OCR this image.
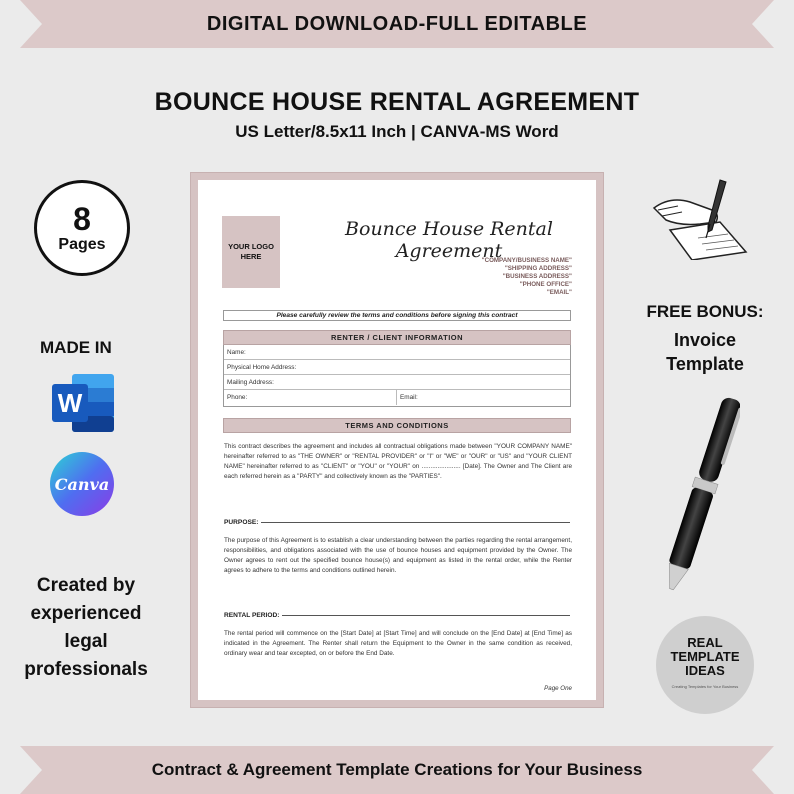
DIGITAL DOWNLOAD-FULL EDITABLE
BOUNCE HOUSE RENTAL AGREEMENT
US Letter/8.5x11 Inch | CANVA-MS Word
8
Pages
MADE IN
W
Canva
Created by experienced legal professionals
FREE BONUS:
Invoice
Template
REAL
TEMPLATE
IDEAS
Creating Templates for Your Business
YOUR LOGO HERE
Bounce House Rental Agreement
"COMPANY/BUSINESS NAME"
"SHIPPING ADDRESS"
"BUSINESS ADDRESS"
"PHONE OFFICE"
"EMAIL"
Please carefully review the terms and conditions before signing this contract
RENTER / CLIENT INFORMATION
Name:
Physical Home Address:
Mailing Address:
Phone:	Email:
TERMS AND CONDITIONS
This contract describes the agreement and includes all contractual obligations made between "YOUR COMPANY NAME" hereinafter referred to as "THE OWNER" or "RENTAL PROVIDER" or "I" or "WE" or "OUR" or "US" and "YOUR CLIENT NAME" hereinafter referred to as "CLIENT" or "YOU" or "YOUR" on ...................... [Date]. The Owner and The Client are each referred herein as a "PARTY" and collectively known as the "PARTIES".
PURPOSE:
The purpose of this Agreement is to establish a clear understanding between the parties regarding the rental arrangement, responsibilities, and obligations associated with the use of bounce houses and equipment provided by the Owner. The Owner agrees to rent out the specified bounce house(s) and equipment as listed in the rental order, while the Renter agrees to adhere to the terms and conditions outlined herein.
RENTAL PERIOD:
The rental period will commence on the [Start Date] at [Start Time] and will conclude on the [End Date] at [End Time] as indicated in the Agreement. The Renter shall return the Equipment to the Owner in the same condition as received, ordinary wear and tear excepted, on or before the End Date.
Page One
Contract & Agreement Template Creations for Your Business
